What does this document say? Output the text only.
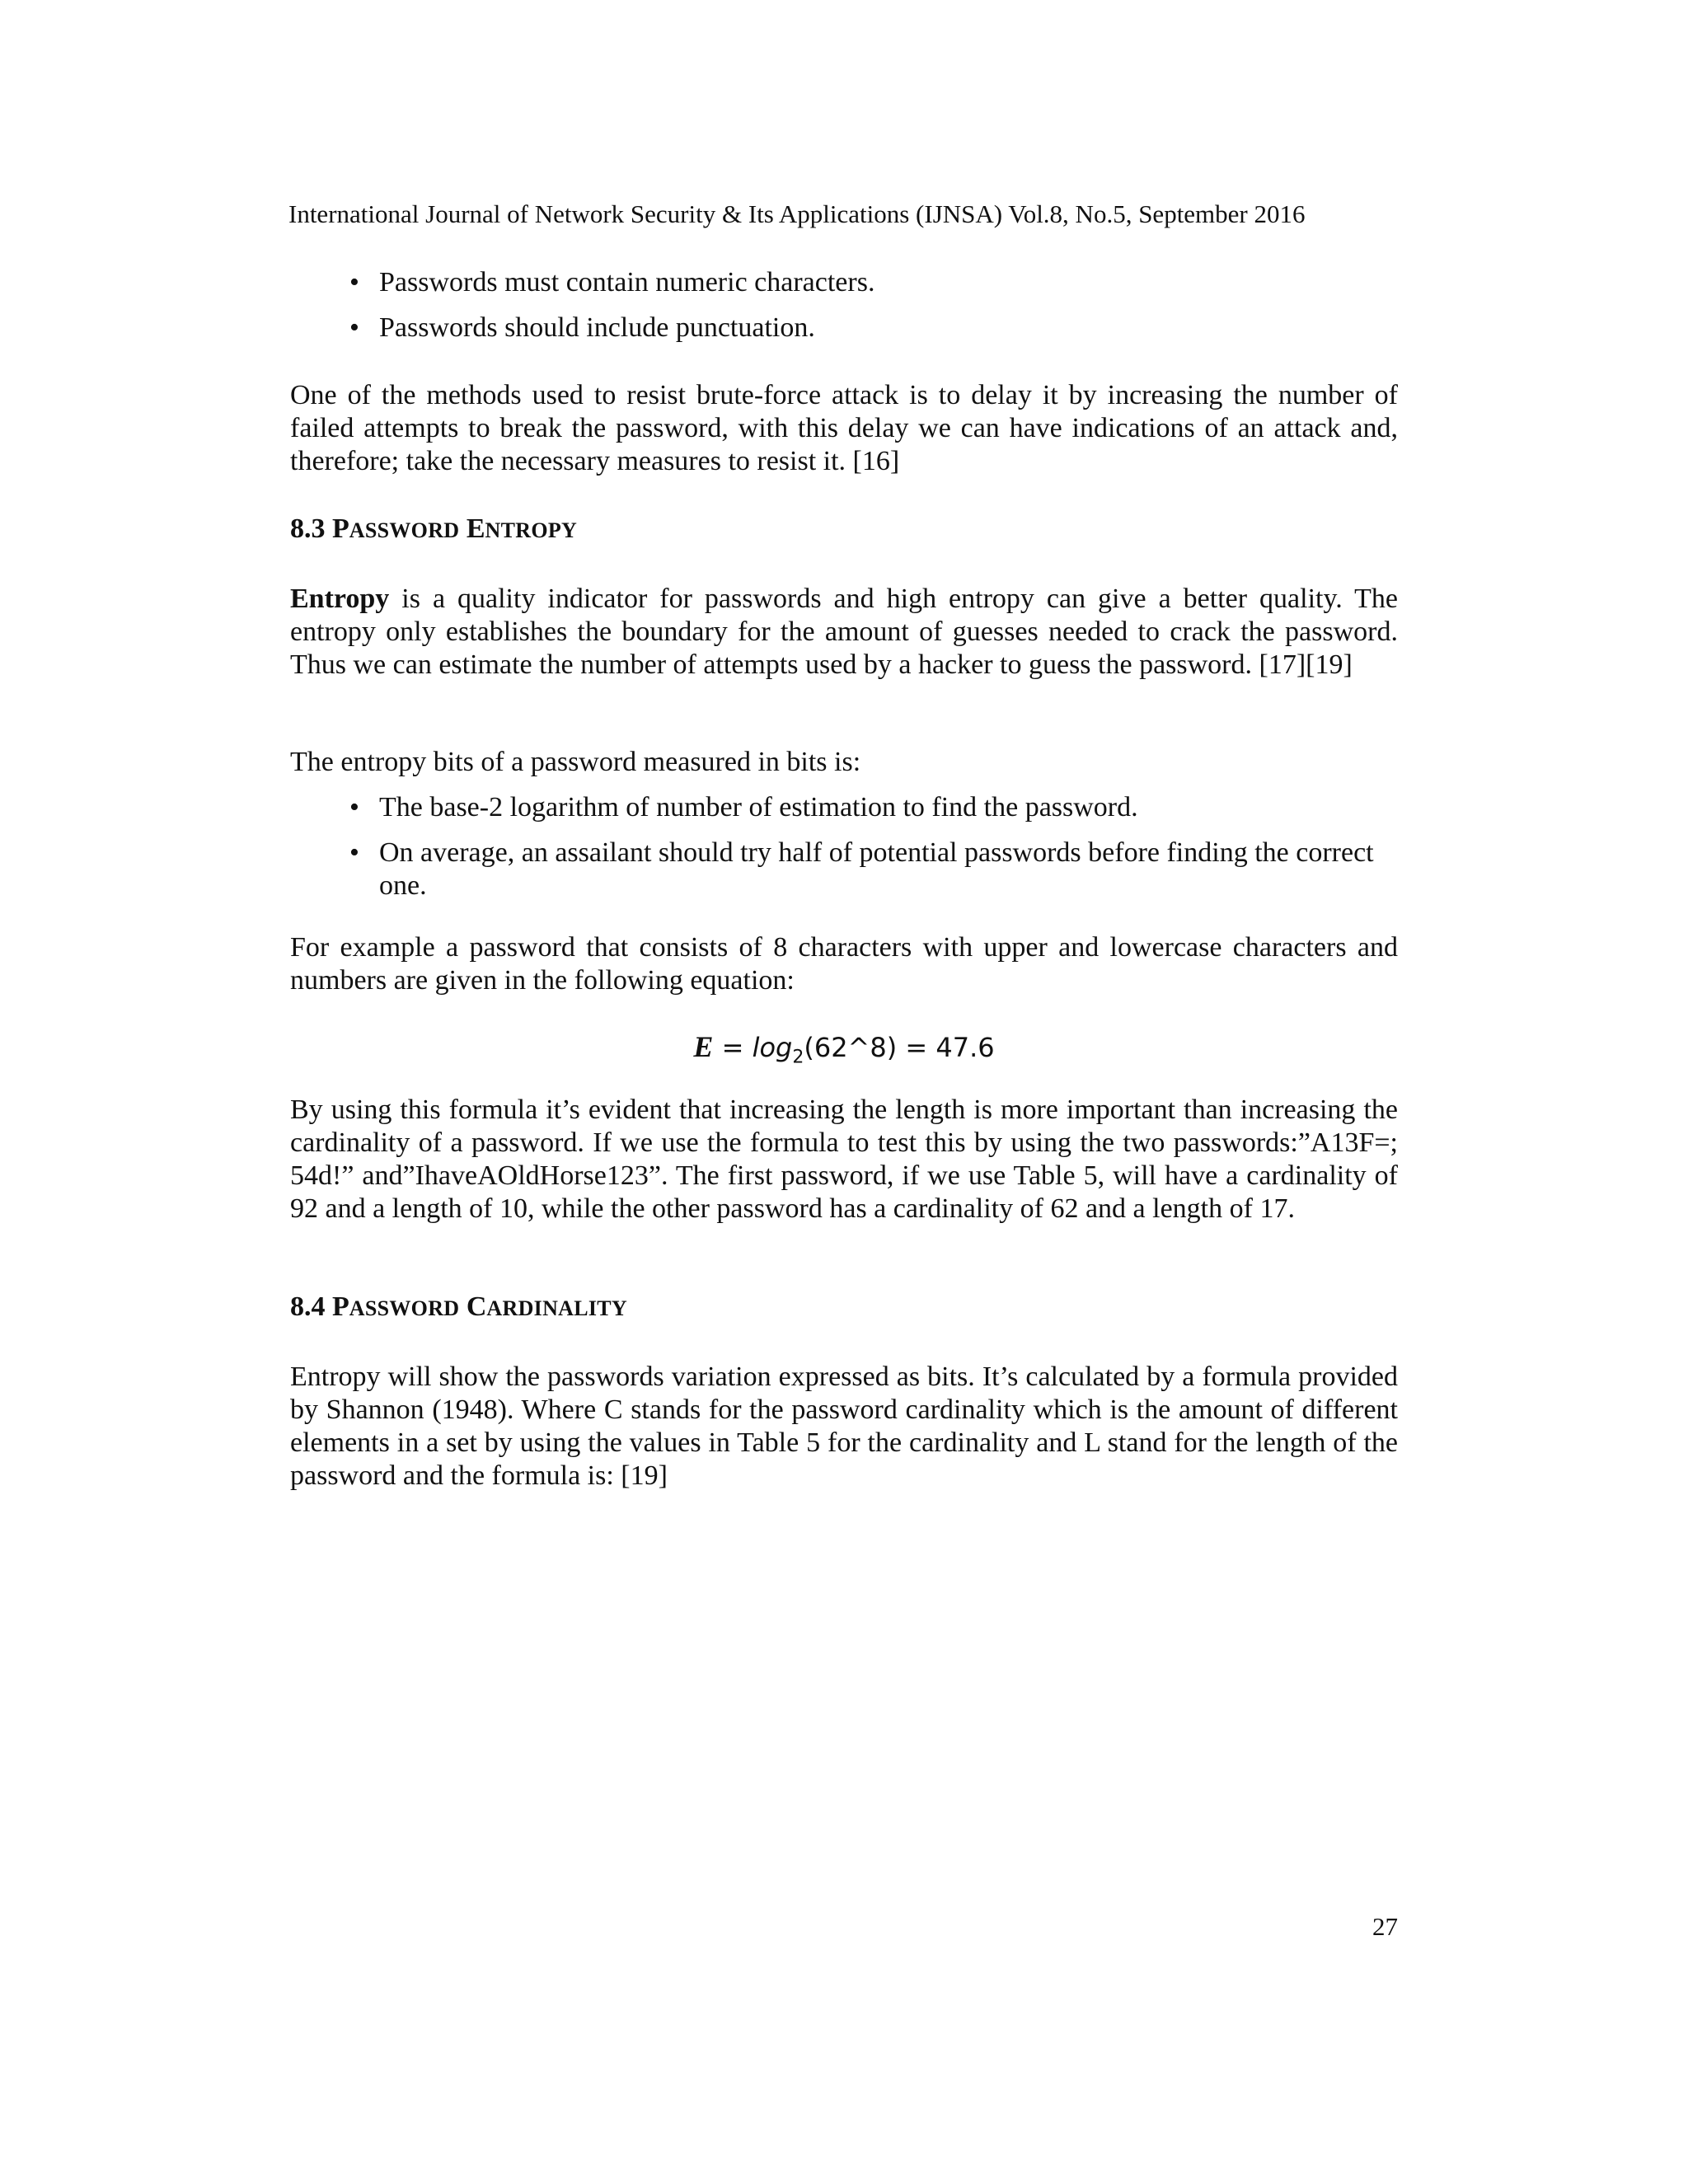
International Journal of Network Security & Its Applications (IJNSA) Vol.8, No.5, September 2016
• Passwords must contain numeric characters.
• Passwords should include punctuation.

One of the methods used to resist brute-force attack is to delay it by increasing the number of failed attempts to break the password, with this delay we can have indications of an attack and, therefore; take the necessary measures to resist it. [16]

8.3 PASSWORD ENTROPY

Entropy is a quality indicator for passwords and high entropy can give a better quality. The entropy only establishes the boundary for the amount of guesses needed to crack the password. Thus we can estimate the number of attempts used by a hacker to guess the password. [17][19]

The entropy bits of a password measured in bits is:

• The base-2 logarithm of number of estimation to find the password.
• On average, an assailant should try half of potential passwords before finding the correct one.

For example a password that consists of 8 characters with upper and lowercase characters and numbers are given in the following equation:

$E = \log_2(62\^{}8) = 47.6$

By using this formula it’s evident that increasing the length is more important than increasing the cardinality of a password. If we use the formula to test this by using the two passwords:”A13F=; 54d!” and”IhaveAOldHorse123”. The first password, if we use Table 5, will have a cardinality of 92 and a length of 10, while the other password has a cardinality of 62 and a length of 17.

8.4 PASSWORD CARDINALITY

Entropy will show the passwords variation expressed as bits. It’s calculated by a formula provided by Shannon (1948). Where C stands for the password cardinality which is the amount of different elements in a set by using the values in Table 5 for the cardinality and L stand for the length of the password and the formula is: [19]

27
